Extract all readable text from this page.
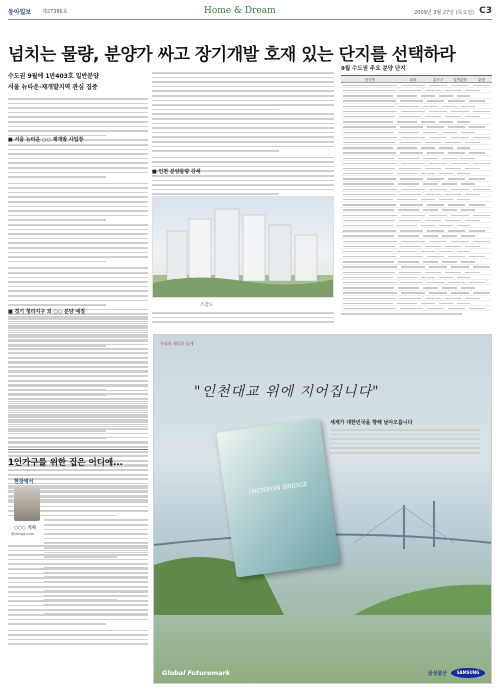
동아일보 제27386호	Home & Dream	2009년 3월 27일 (목요일) C3
넘치는 물량, 분양가 싸고 장기개발 호재 있는 단지를 선택하라
수도권 9월에 1만403호 일반분양
서울 뉴타운·재개발지역 관심 집중
■ 서울 뉴타운 ○○ 재개발 사업장
■ 인천 분양물량 강세
■ 경기 청라지구 외 ○○ 분양 예정
조감도
9월 수도권 주요 분양 단지
단지명	위치	총가구	일반분양	분양
1인가구를 위한 집은 어디에...
현장에서
○○○ 기자
@donga.com
우리의 새로운 날개
"인천대교 위에 지어집니다"
세계가 대한민국을 향해 날아오릅니다
INCHEON BRIDGE
Global Futuremark	삼성물산	SAMSUNG
